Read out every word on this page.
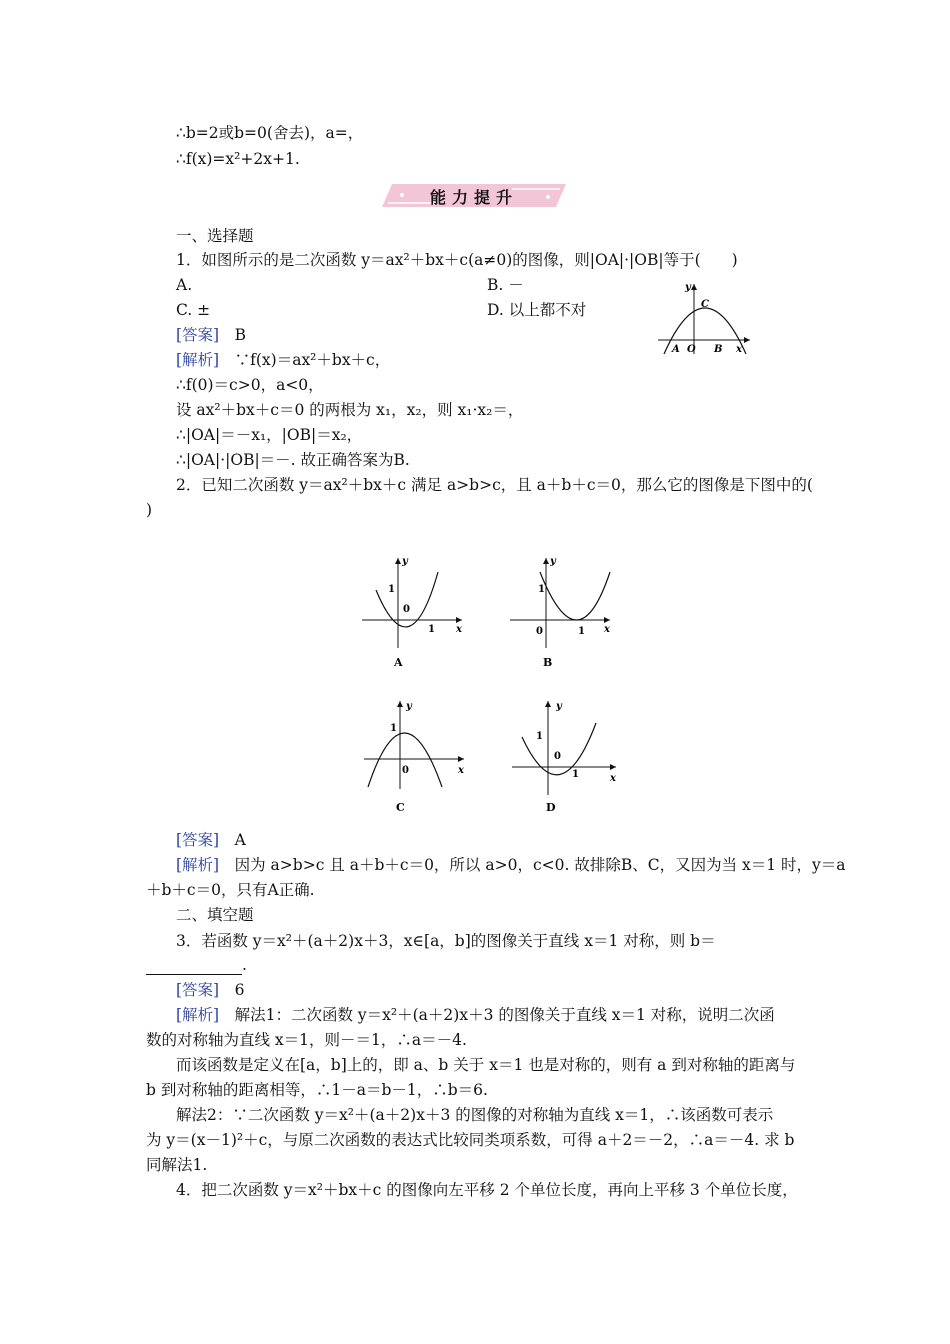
∴b=2或b=0(舍去)，a=，
∴f(x)=x²+2x+1.
能力提升
一、选择题
1．如图所示的是二次函数 y＝ax²＋bx＋c(a≠0)的图像，则|OA|·|OB|等于(　　)
A.	B. －
C. ±	D. 以上都不对
y
C
A O B x
[答案]　 B
[解析]　 ∵f(x)＝ax²＋bx＋c，
∴f(0)＝c>0，a<0，
设 ax²＋bx＋c＝0 的两根为 x₁，x₂，则 x₁·x₂＝，
∴|OA|＝－x₁，|OB|＝x₂，
∴|OA|·|OB|＝－. 故正确答案为B.
2．已知二次函数 y＝ax²＋bx＋c 满足 a>b>c，且 a＋b＋c＝0，那么它的图像是下图中的(
)
y
x
1
0
1
A
y
x
1
0	1
B
y
x
1
0
C
y
x
1
0
1
D
[答案]　 A
[解析]　 因为 a>b>c 且 a＋b＋c＝0，所以 a>0，c<0. 故排除B、C，又因为当 x＝1 时，y＝a
＋b＋c＝0，只有A正确.
二、填空题
3．若函数 y＝x²＋(a＋2)x＋3，x∈[a，b]的图像关于直线 x＝1 对称，则 b＝
.
[答案]　 6
[解析]　 解法1：二次函数 y＝x²＋(a＋2)x＋3 的图像关于直线 x＝1 对称，说明二次函
数的对称轴为直线 x＝1，则－＝1，∴a＝－4.
而该函数是定义在[a，b]上的，即 a、b 关于 x＝1 也是对称的，则有 a 到对称轴的距离与
b 到对称轴的距离相等，∴1－a＝b－1，∴b＝6.
解法2：∵二次函数 y＝x²＋(a＋2)x＋3 的图像的对称轴为直线 x＝1，∴该函数可表示
为 y＝(x－1)²＋c，与原二次函数的表达式比较同类项系数，可得 a＋2＝－2，∴a＝－4. 求 b
同解法1.
4．把二次函数 y＝x²＋bx＋c 的图像向左平移 2 个单位长度，再向上平移 3 个单位长度，
